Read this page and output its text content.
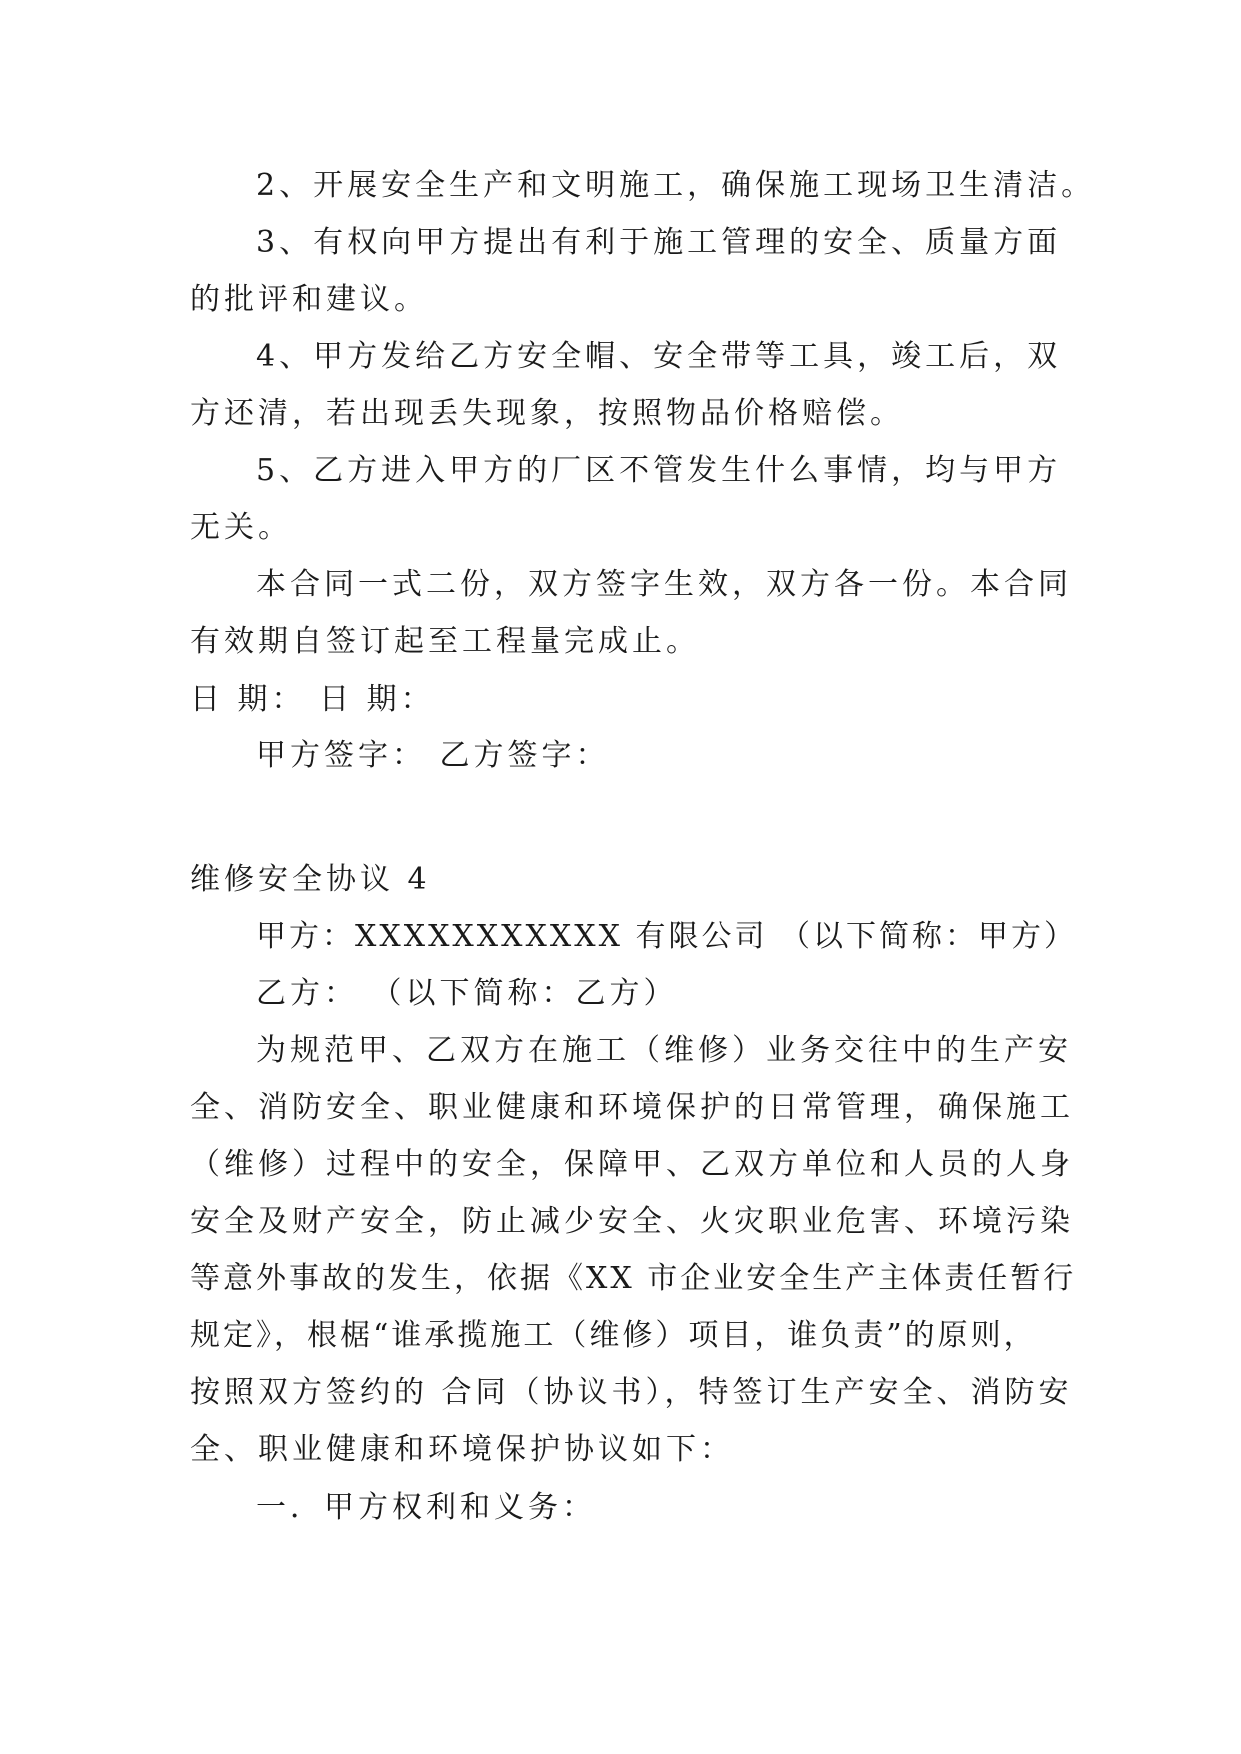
2、开展安全生产和文明施工，确保施工现场卫生清洁。
3、有权向甲方提出有利于施工管理的安全、质量方面
的批评和建议。
4、甲方发给乙方安全帽、安全带等工具，竣工后，双
方还清，若出现丢失现象，按照物品价格赔偿。
5、乙方进入甲方的厂区不管发生什么事情，均与甲方
无关。
本合同一式二份，双方签字生效，双方各一份。本合同
有效期自签订起至工程量完成止。
日 期： 日 期：
甲方签字： 乙方签字：
维修安全协议 4
甲方：XXXXXXXXXXX 有限公司 （以下简称：甲方）
乙方： （以下简称：乙方）
为规范甲、乙双方在施工（维修）业务交往中的生产安
全、消防安全、职业健康和环境保护的日常管理，确保施工
（维修）过程中的安全，保障甲、乙双方单位和人员的人身
安全及财产安全，防止减少安全、火灾职业危害、环境污染
等意外事故的发生，依据《XX 市企业安全生产主体责任暂行
规定》，根椐“谁承揽施工（维修）项目，谁负责”的原则，
按照双方签约的 合同（协议书），特签订生产安全、消防安
全、职业健康和环境保护协议如下：
一．甲方权利和义务：
